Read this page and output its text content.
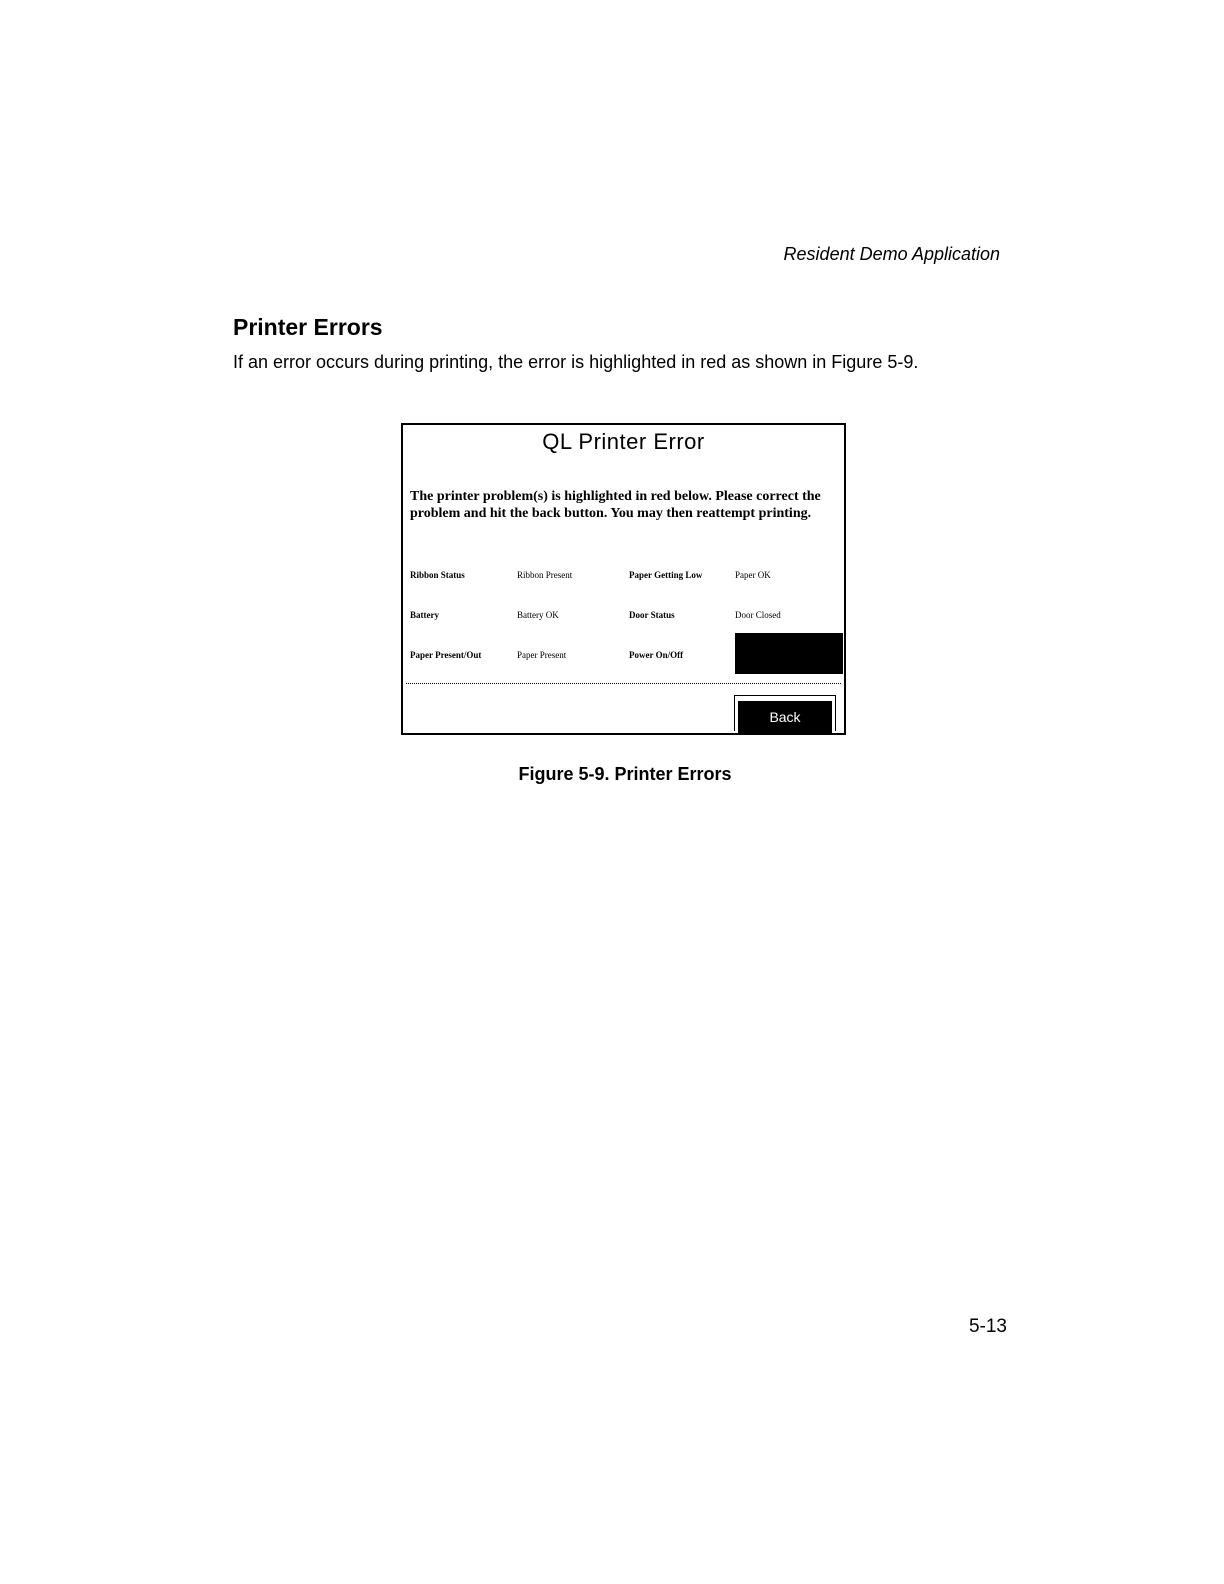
Resident Demo Application
Printer Errors
If an error occurs during printing, the error is highlighted in red as shown in Figure 5-9.
QL Printer Error
The printer problem(s) is highlighted in red below. Please correct the problem and hit the back button. You may then reattempt printing.
Ribbon Status	Ribbon Present	Paper Getting Low	Paper OK
Battery	Battery OK	Door Status	Door Closed
Paper Present/Out	Paper Present	Power On/Off
Back
Figure 5-9. Printer Errors
5-13
